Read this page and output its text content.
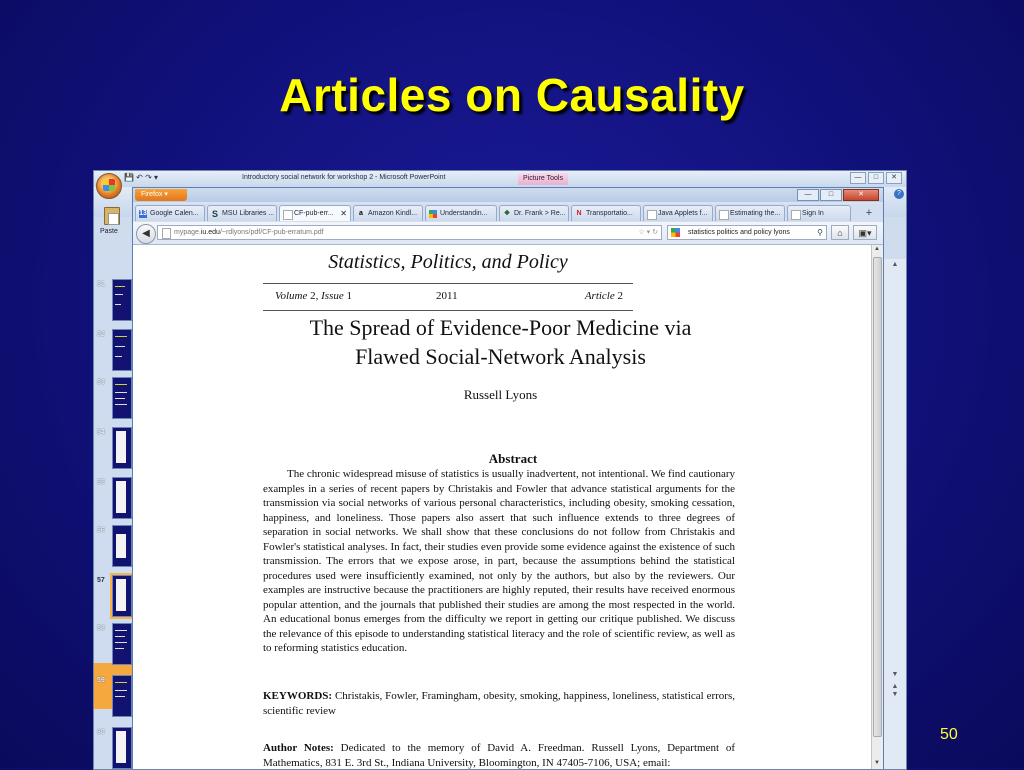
Articles on Causality
💾 ↶ ↷ ▾	Introductory social network for workshop 2 - Microsoft PowerPoint	Picture Tools	—	□	✕
Paste
?
51
52
53
54
55
56
57
58
59
60
▲
▼
▲
▼
Firefox ▾	—	□	✕
13 Google Calen...	S MSU Libraries ...	CF-pub-err... ✕ a Amazon Kindl...	Understandin...	❖ Dr. Frank > Re...	N Transportatio...	Java Applets f...	Estimating the...	Sign In	+
◀	mypage.iu.edu/~rdlyons/pdf/CF-pub-erratum.pdf	☆ ▾ ↻	statistics politics and policy lyons	⚲	⌂	▣▾
Statistics, Politics, and Policy
Volume 2, Issue 1	2011	Article 2
The Spread of Evidence-Poor Medicine via
Flawed Social-Network Analysis
Russell Lyons
Abstract
The chronic widespread misuse of statistics is usually inadvertent, not intentional. We find cautionary examples in a series of recent papers by Christakis and Fowler that advance statistical arguments for the transmission via social networks of various personal characteristics, including obesity, smoking cessation, happiness, and loneliness. Those papers also assert that such influence extends to three degrees of separation in social networks. We shall show that these conclusions do not follow from Christakis and Fowler's statistical analyses. In fact, their studies even provide some evidence against the existence of such transmission. The errors that we expose arose, in part, because the assumptions behind the statistical procedures used were insufficiently examined, not only by the authors, but also by the reviewers. Our examples are instructive because the practitioners are highly reputed, their results have received enormous popular attention, and the journals that published their studies are among the most respected in the world. An educational bonus emerges from the difficulty we report in getting our critique published. We discuss the relevance of this episode to understanding statistical literacy and the role of scientific review, as well as to reforming statistics education.
KEYWORDS: Christakis, Fowler, Framingham, obesity, smoking, happiness, loneliness, statistical errors, scientific review
Author Notes: Dedicated to the memory of David A. Freedman. Russell Lyons, Department of Mathematics, 831 E. 3rd St., Indiana University, Bloomington, IN 47405-7106, USA; email:
▲
▼
50
